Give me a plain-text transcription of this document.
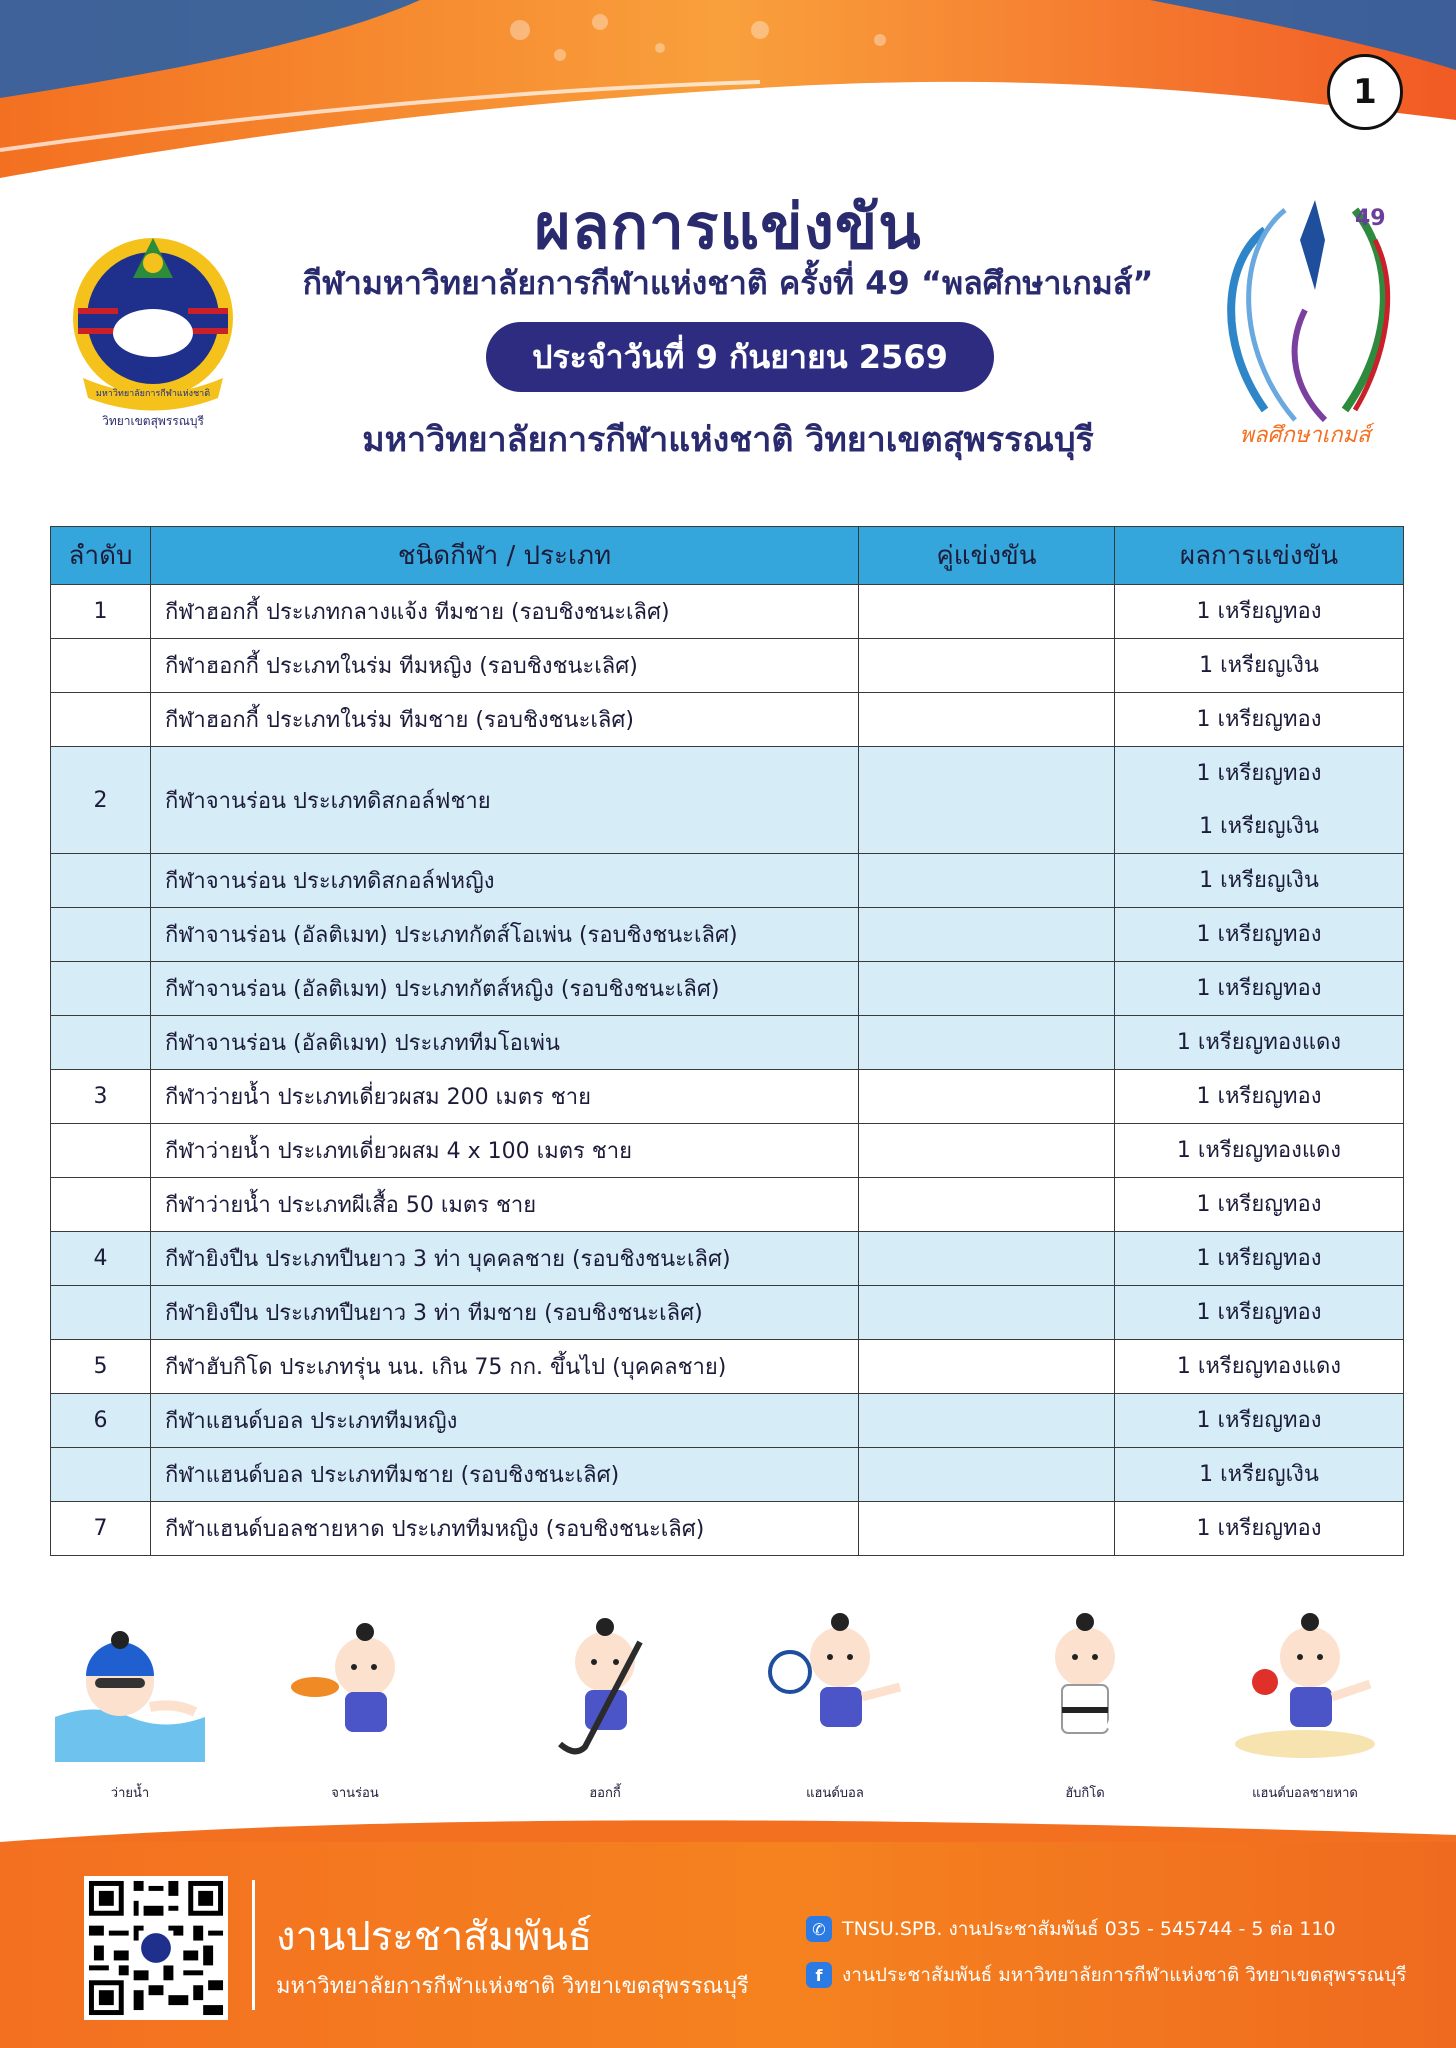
1
มหาวิทยาลัยการกีฬาแห่งชาติ
๒๕๖๒
วิทยาเขตสุพรรณบุรี
49
พลศึกษาเกมส์
ผลการแข่งขัน
กีฬามหาวิทยาลัยการกีฬาแห่งชาติ ครั้งที่ 49 “พลศึกษาเกมส์”
ประจำวันที่ 9 กันยายน 2569
มหาวิทยาลัยการกีฬาแห่งชาติ วิทยาเขตสุพรรณบุรี
ลำดับ	ชนิดกีฬา / ประเภท	คู่แข่งขัน	ผลการแข่งขัน
1	กีฬาฮอกกี้ ประเภทกลางแจ้ง ทีมชาย (รอบชิงชนะเลิศ)		1 เหรียญทอง

	กีฬาฮอกกี้ ประเภทในร่ม ทีมหญิง (รอบชิงชนะเลิศ)		1 เหรียญเงิน

	กีฬาฮอกกี้ ประเภทในร่ม ทีมชาย (รอบชิงชนะเลิศ)		1 เหรียญทอง

2	กีฬาจานร่อน ประเภทดิสกอล์ฟชาย		1 เหรียญทอง
1 เหรียญเงิน

	กีฬาจานร่อน ประเภทดิสกอล์ฟหญิง		1 เหรียญเงิน

	กีฬาจานร่อน (อัลติเมท) ประเภทกัตส์โอเพ่น (รอบชิงชนะเลิศ)		1 เหรียญทอง

	กีฬาจานร่อน (อัลติเมท) ประเภทกัตส์หญิง (รอบชิงชนะเลิศ)		1 เหรียญทอง

	กีฬาจานร่อน (อัลติเมท) ประเภททีมโอเพ่น		1 เหรียญทองแดง

3	กีฬาว่ายน้ำ ประเภทเดี่ยวผสม 200 เมตร ชาย		1 เหรียญทอง

	กีฬาว่ายน้ำ ประเภทเดี่ยวผสม 4 x 100 เมตร ชาย		1 เหรียญทองแดง

	กีฬาว่ายน้ำ ประเภทผีเสื้อ 50 เมตร ชาย		1 เหรียญทอง

4	กีฬายิงปืน ประเภทปืนยาว 3 ท่า บุคคลชาย (รอบชิงชนะเลิศ)		1 เหรียญทอง

	กีฬายิงปืน ประเภทปืนยาว 3 ท่า ทีมชาย (รอบชิงชนะเลิศ)		1 เหรียญทอง

5	กีฬาฮับกิโด ประเภทรุ่น นน. เกิน 75 กก. ขึ้นไป (บุคคลชาย)		1 เหรียญทองแดง

6	กีฬาแฮนด์บอล ประเภททีมหญิง		1 เหรียญทอง

	กีฬาแฮนด์บอล ประเภททีมชาย (รอบชิงชนะเลิศ)		1 เหรียญเงิน

7	กีฬาแฮนด์บอลชายหาด ประเภททีมหญิง (รอบชิงชนะเลิศ)		1 เหรียญทอง
ว่ายน้ำ	จานร่อน	ฮอกกี้	แฮนด์บอล	ฮับกิโด	แฮนด์บอลชายหาด
งานประชาสัมพันธ์
มหาวิทยาลัยการกีฬาแห่งชาติ วิทยาเขตสุพรรณบุรี
✆ TNSU.SPB. งานประชาสัมพันธ์ 035 - 545744 - 5 ต่อ 110
f	งานประชาสัมพันธ์ มหาวิทยาลัยการกีฬาแห่งชาติ วิทยาเขตสุพรรณบุรี
